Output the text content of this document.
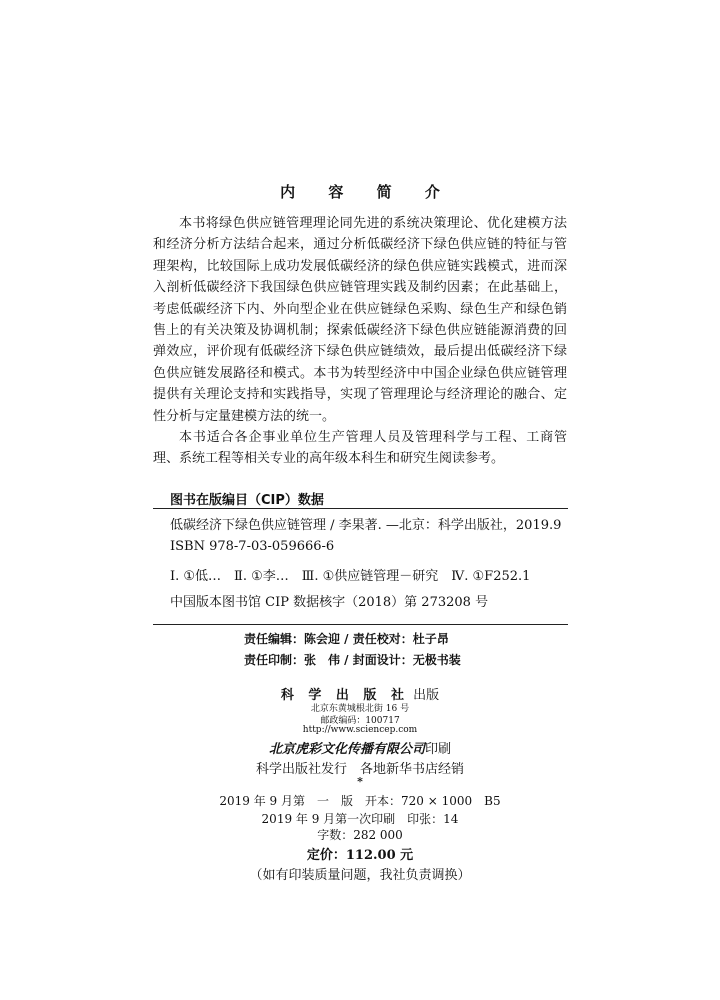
内 容 简 介

本书将绿色供应链管理理论同先进的系统决策理论、优化建模方法和经济分析方法结合起来，通过分析低碳经济下绿色供应链的特征与管理架构，比较国际上成功发展低碳经济的绿色供应链实践模式，进而深入剖析低碳经济下我国绿色供应链管理实践及制约因素；在此基础上，考虑低碳经济下内、外向型企业在供应链绿色采购、绿色生产和绿色销售上的有关决策及协调机制；探索低碳经济下绿色供应链能源消费的回弹效应，评价现有低碳经济下绿色供应链绩效，最后提出低碳经济下绿色供应链发展路径和模式。本书为转型经济中中国企业绿色供应链管理提供有关理论支持和实践指导，实现了管理理论与经济理论的融合、定性分析与定量建模方法的统一。

本书适合各企事业单位生产管理人员及管理科学与工程、工商管理、系统工程等相关专业的高年级本科生和研究生阅读参考。

图书在版编目（CIP）数据
低碳经济下绿色供应链管理 / 李果著. —北京：科学出版社，2019.9
ISBN 978-7-03-059666-6
Ⅰ. ①低…　Ⅱ. ①李…　Ⅲ. ①供应链管理－研究　Ⅳ. ①F252.1
中国版本图书馆 CIP 数据核字（2018）第 273208 号
责任编辑：陈会迎 / 责任校对：杜子昂
责任印制：张　伟 / 封面设计：无极书装
科 学 出 版 社 出版
北京东黄城根北街 16 号
邮政编码：100717
http://www.sciencep.com
北京虎彩文化传播有限公司印刷
科学出版社发行　各地新华书店经销
*
2019 年 9 月第　一　版　开本：720 × 1000　B5
2019 年 9 月第一次印刷　印张：14
字数：282 000
定价：112.00 元
（如有印装质量问题，我社负责调换）
